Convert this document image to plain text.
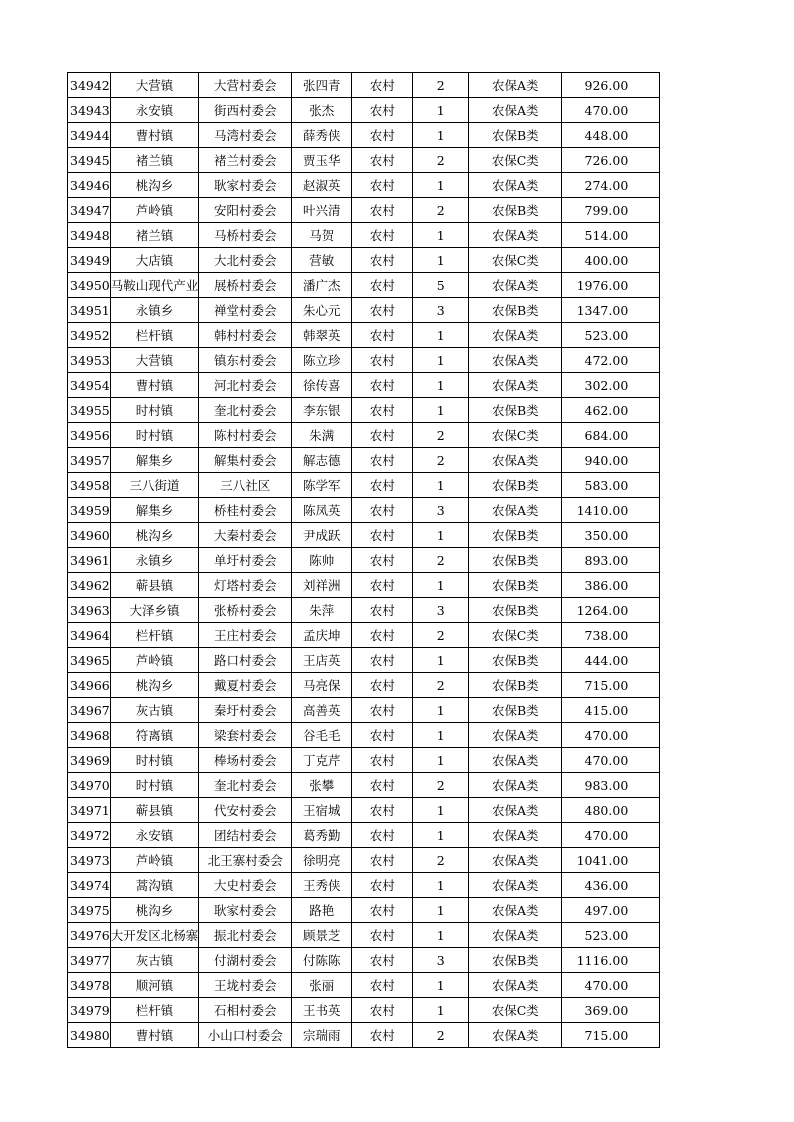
34942	大营镇	大营村委会	张四青	农村	2	农保A类	926.00
34943	永安镇	街西村委会	张杰	农村	1	农保A类	470.00
34944	曹村镇	马湾村委会	薛秀侠	农村	1	农保B类	448.00
34945	褚兰镇	褚兰村委会	贾玉华	农村	2	农保C类	726.00
34946	桃沟乡	耿家村委会	赵淑英	农村	1	农保A类	274.00
34947	芦岭镇	安阳村委会	叶兴清	农村	2	农保B类	799.00
34948	褚兰镇	马桥村委会	马贺	农村	1	农保A类	514.00
34949	大店镇	大北村委会	营敏	农村	1	农保C类	400.00
34950	马鞍山现代产业	展桥村委会	潘广杰	农村	5	农保A类	1976.00
34951	永镇乡	禅堂村委会	朱心元	农村	3	农保B类	1347.00
34952	栏杆镇	韩村村委会	韩翠英	农村	1	农保A类	523.00
34953	大营镇	镇东村委会	陈立珍	农村	1	农保A类	472.00
34954	曹村镇	河北村委会	徐传喜	农村	1	农保A类	302.00
34955	时村镇	奎北村委会	李东银	农村	1	农保B类	462.00
34956	时村镇	陈村村委会	朱满	农村	2	农保C类	684.00
34957	解集乡	解集村委会	解志德	农村	2	农保A类	940.00
34958	三八街道	三八社区	陈学军	农村	1	农保B类	583.00
34959	解集乡	桥桂村委会	陈凤英	农村	3	农保A类	1410.00
34960	桃沟乡	大秦村委会	尹成跃	农村	1	农保B类	350.00
34961	永镇乡	单圩村委会	陈帅	农村	2	农保B类	893.00
34962	蕲县镇	灯塔村委会	刘祥洲	农村	1	农保B类	386.00
34963	大泽乡镇	张桥村委会	朱萍	农村	3	农保B类	1264.00
34964	栏杆镇	王庄村委会	孟庆坤	农村	2	农保C类	738.00
34965	芦岭镇	路口村委会	王店英	农村	1	农保B类	444.00
34966	桃沟乡	戴夏村委会	马亮保	农村	2	农保B类	715.00
34967	灰古镇	秦圩村委会	高善英	农村	1	农保B类	415.00
34968	符离镇	梁套村委会	谷毛毛	农村	1	农保A类	470.00
34969	时村镇	棒场村委会	丁克芹	农村	1	农保A类	470.00
34970	时村镇	奎北村委会	张攀	农村	2	农保A类	983.00
34971	蕲县镇	代安村委会	王宿城	农村	1	农保A类	480.00
34972	永安镇	团结村委会	葛秀勤	农村	1	农保A类	470.00
34973	芦岭镇	北王寨村委会	徐明亮	农村	2	农保A类	1041.00
34974	蒿沟镇	大史村委会	王秀侠	农村	1	农保A类	436.00
34975	桃沟乡	耿家村委会	路艳	农村	1	农保A类	497.00
34976	大开发区北杨寨	振北村委会	顾景芝	农村	1	农保A类	523.00
34977	灰古镇	付湖村委会	付陈陈	农村	3	农保B类	1116.00
34978	顺河镇	王垅村委会	张丽	农村	1	农保A类	470.00
34979	栏杆镇	石相村委会	王书英	农村	1	农保C类	369.00
34980	曹村镇	小山口村委会	宗瑞雨	农村	2	农保A类	715.00
